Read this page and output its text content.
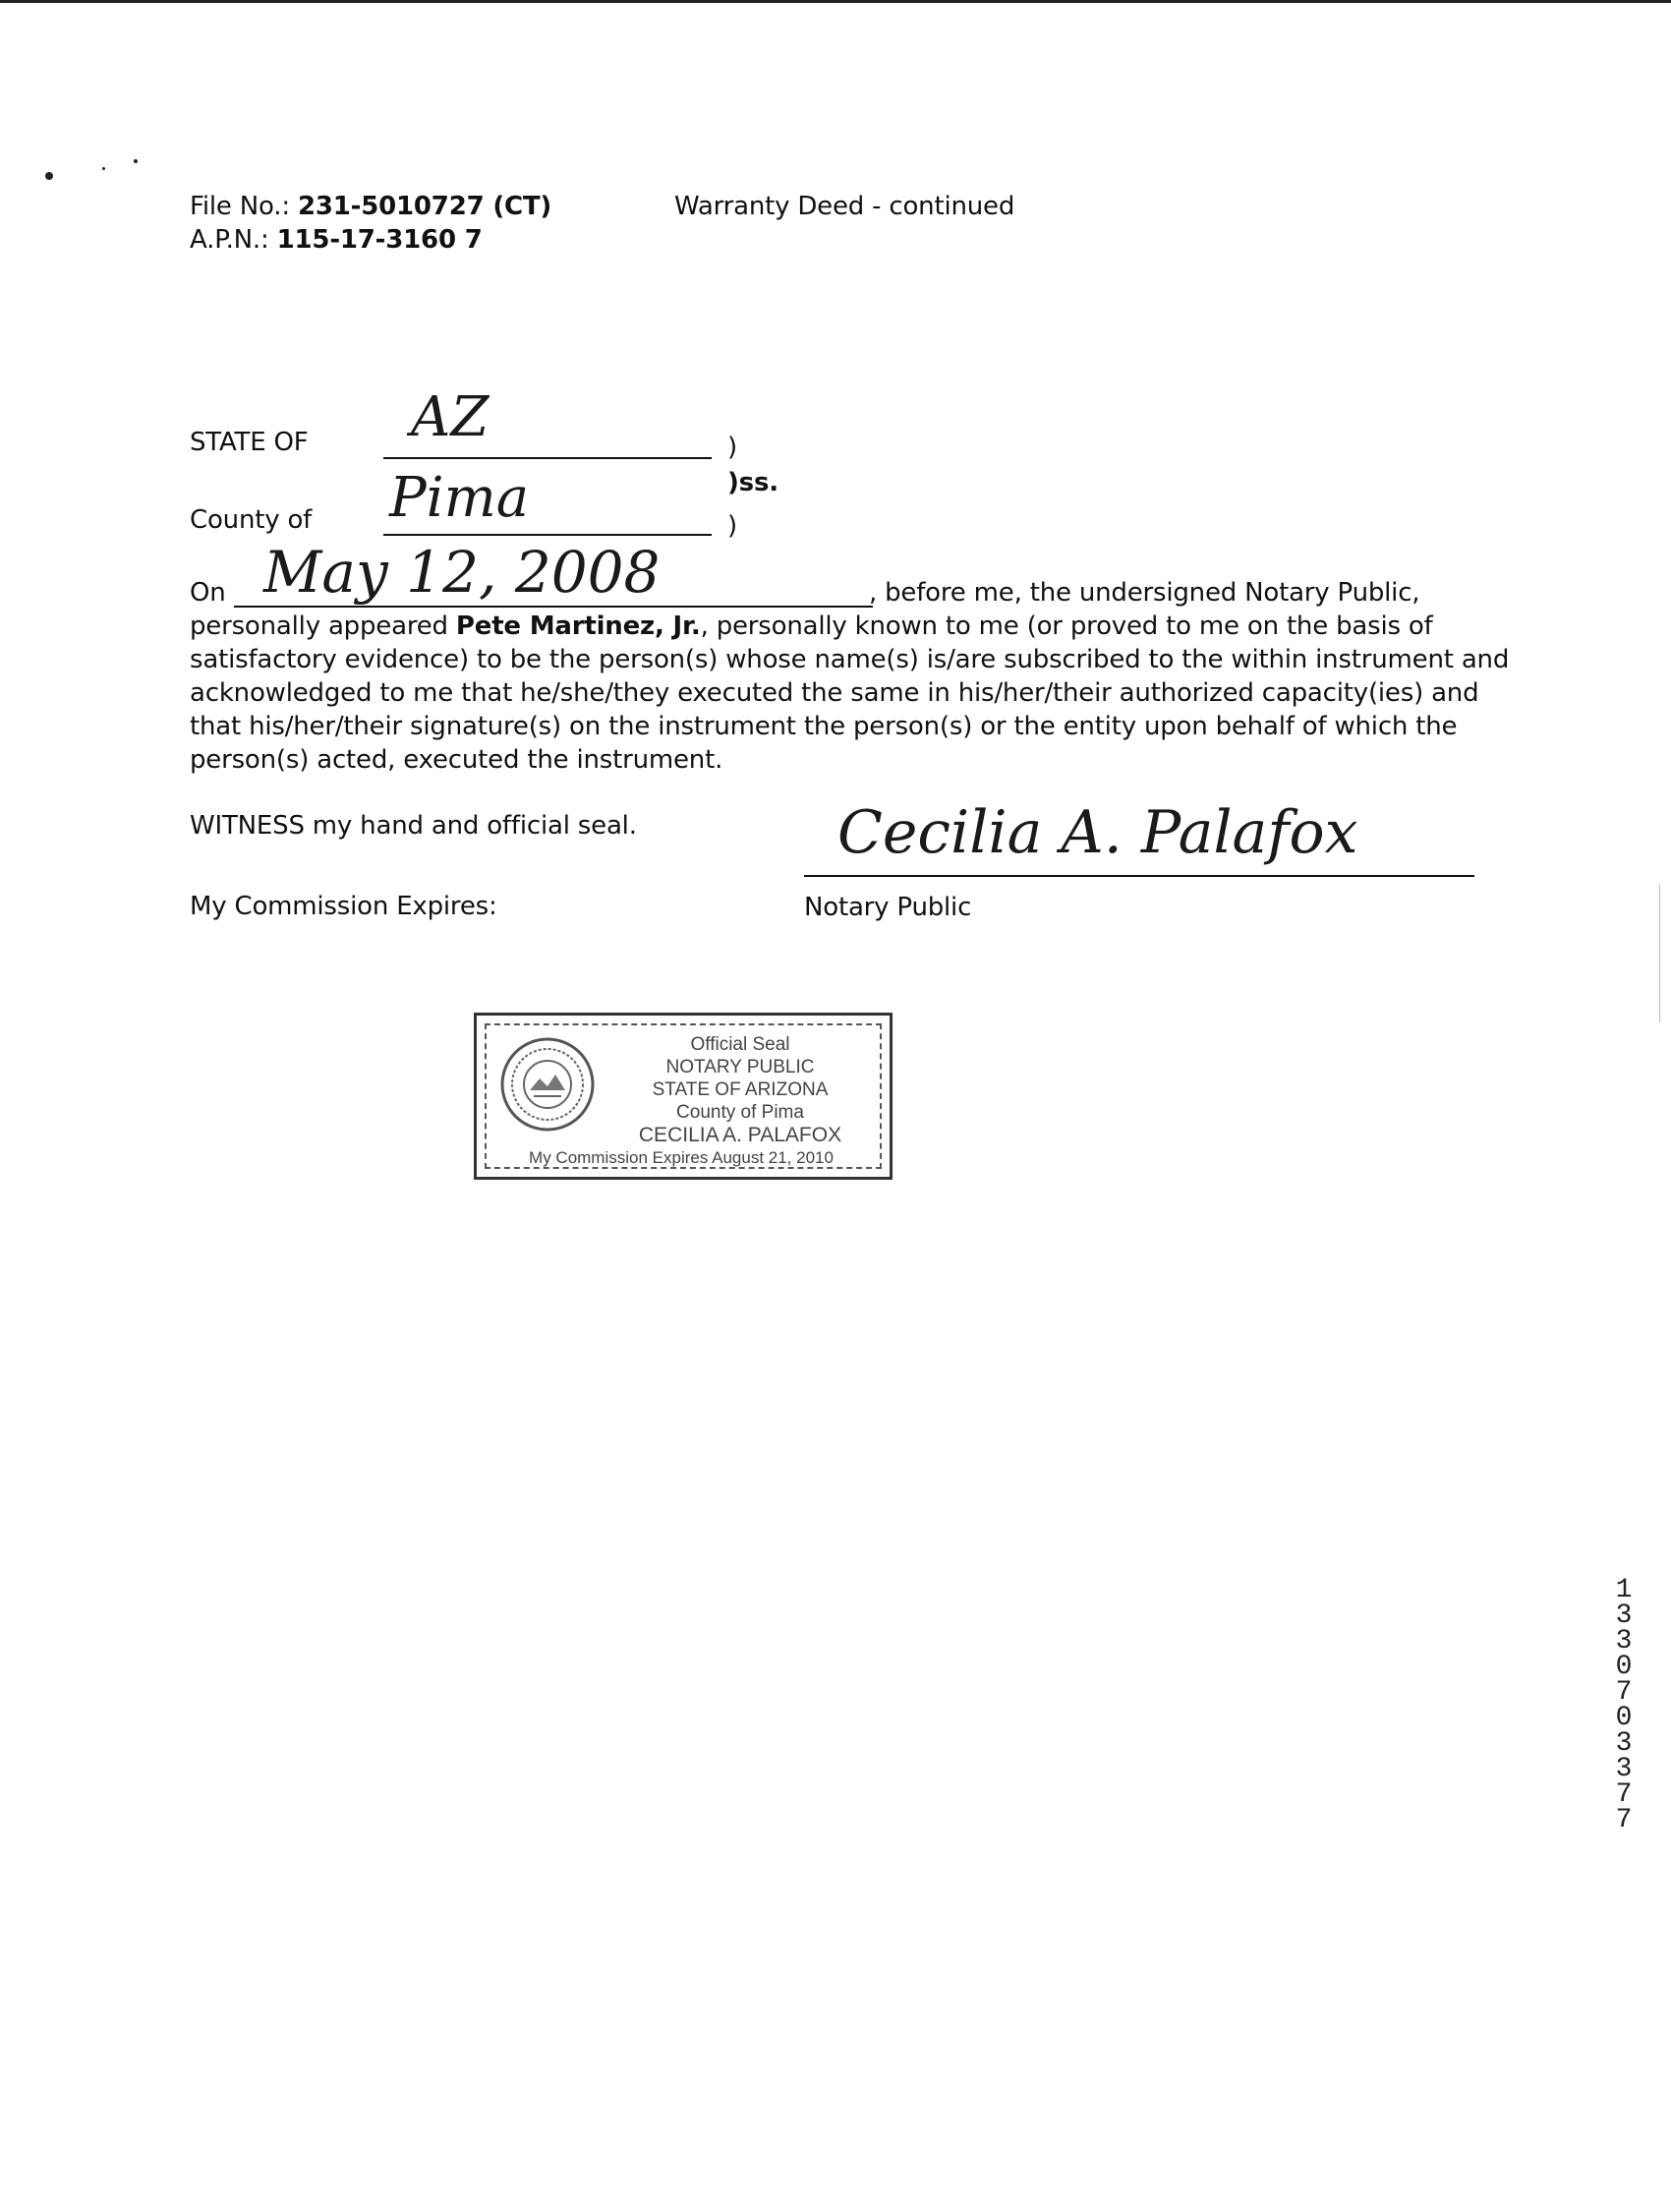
File No.: 231-5010727 (CT)
A.P.N.: 115-17-3160 7
Warranty Deed - continued
STATE OF AZ	)
)ss.
County of Pima	)
On May 12, 2008	, before me, the undersigned Notary Public,
personally appeared Pete Martinez, Jr., personally known to me (or proved to me on the basis of
satisfactory evidence) to be the person(s) whose name(s) is/are subscribed to the within instrument and
acknowledged to me that he/she/they executed the same in his/her/their authorized capacity(ies) and
that his/her/their signature(s) on the instrument the person(s) or the entity upon behalf of which the
person(s) acted, executed the instrument.
WITNESS my hand and official seal.
My Commission Expires:
Cecilia A. Palafox
Notary Public
Official Seal
NOTARY PUBLIC
STATE OF ARIZONA
County of Pima
CECILIA A. PALAFOX
My Commission Expires August 21, 2010
1
3
3
0
7
0
3
3
7
7
